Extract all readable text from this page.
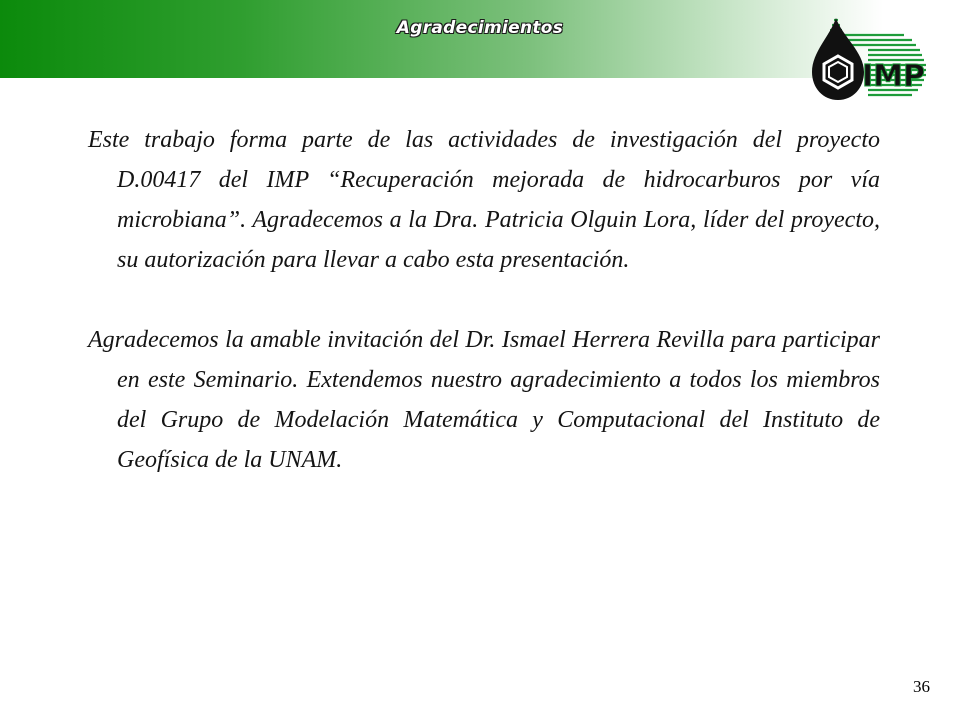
Agradecimientos
IMP

Este trabajo forma parte de las actividades de investigación del proyecto D.00417 del IMP “Recuperación mejorada de hidrocarburos por vía microbiana”. Agradecemos a la Dra. Patricia Olguin Lora, líder del proyecto, su autorización para llevar a cabo esta presentación.

Agradecemos la amable invitación del Dr. Ismael Herrera Revilla para participar en este Seminario. Extendemos nuestro agradecimiento a todos los miembros del Grupo de Modelación Matemática y Computacional del Instituto de Geofísica de la UNAM.

36
